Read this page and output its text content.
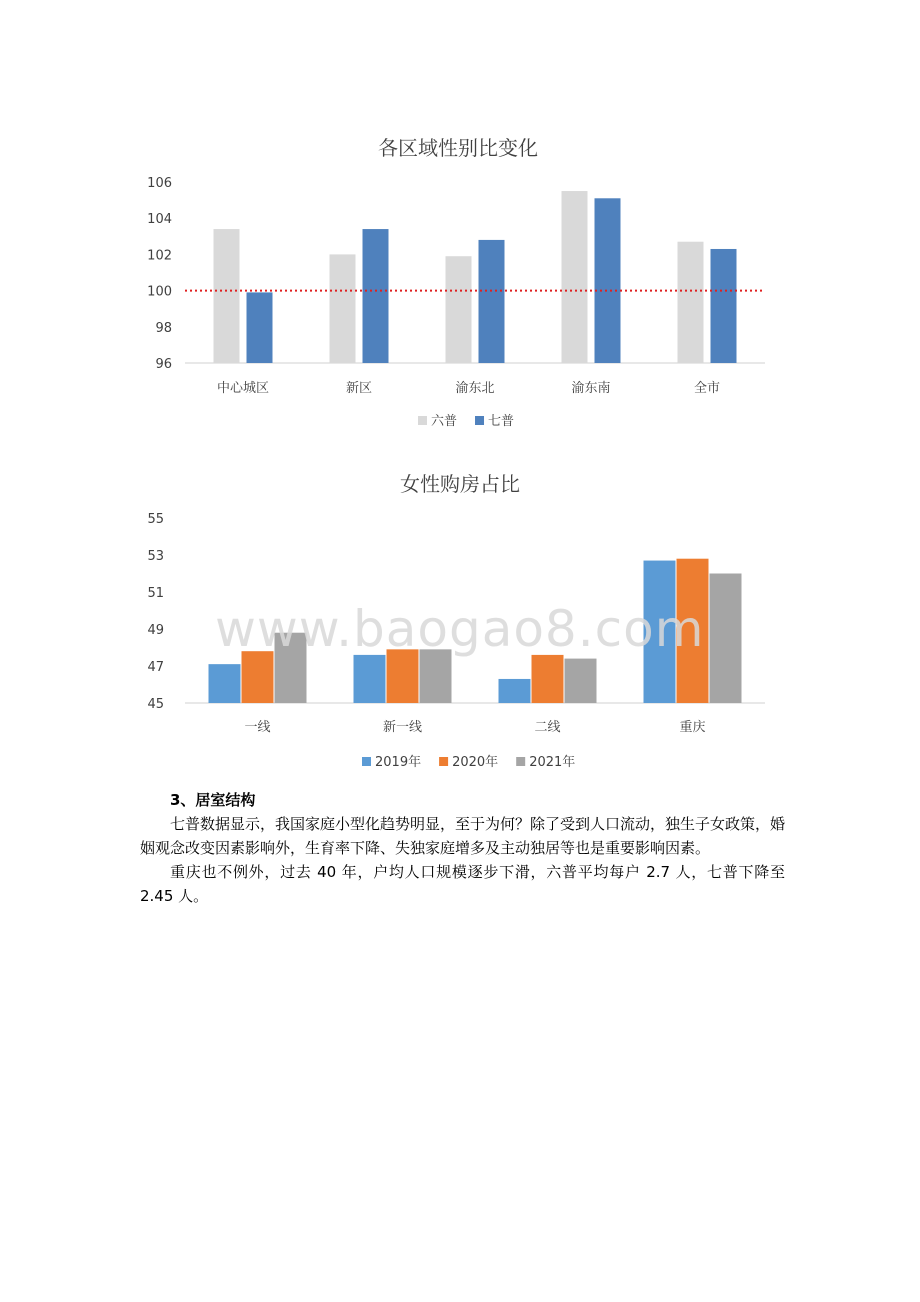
各区域性别比变化
106
104
102
100
98
96
中心城区	新区	渝东北	渝东南	全市
六普 七普
女性购房占比
55
53
51
49
47
45
一线	新一线	二线	重庆
2019年 2020年 2021年
www.baogao8.com

3、居室结构

七普数据显示，我国家庭小型化趋势明显，至于为何？除了受到人口流动，独生子女政策，婚姻观念改变因素影响外，生育率下降、失独家庭增多及主动独居等也是重要影响因素。

重庆也不例外，过去 40 年，户均人口规模逐步下滑，六普平均每户 2.7 人，七普下降至 2.45 人。
